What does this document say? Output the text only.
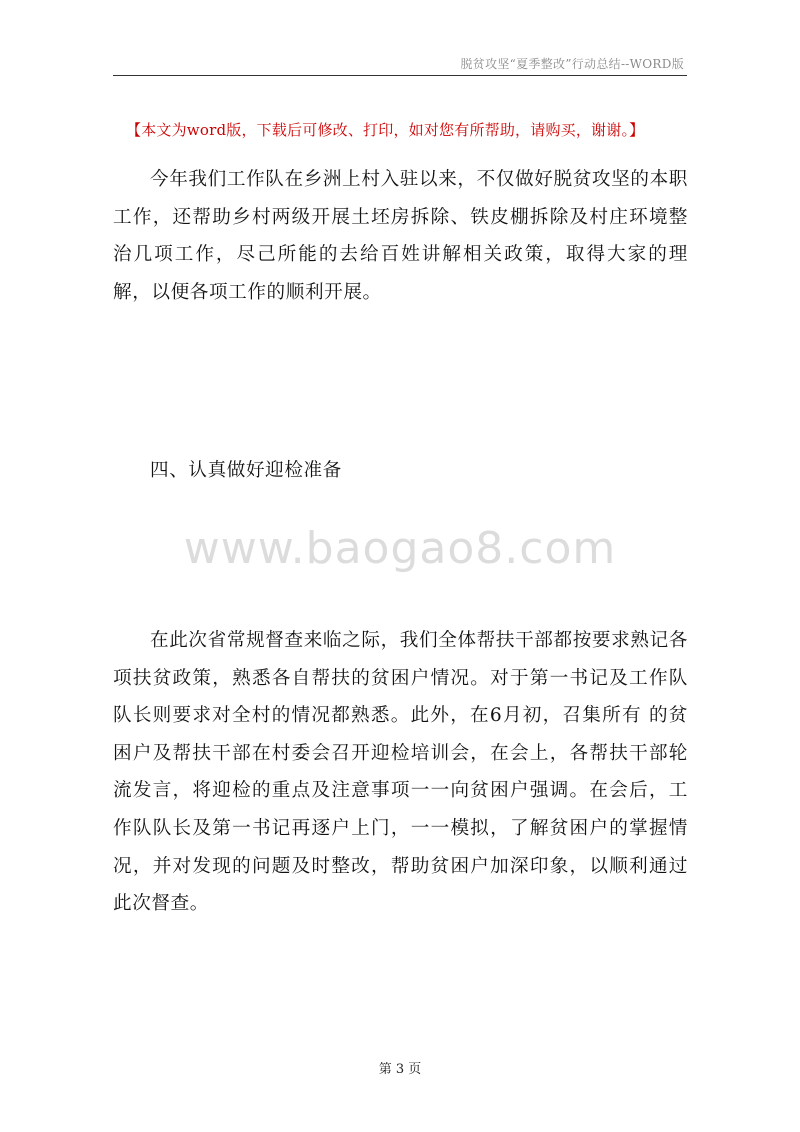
脱贫攻坚“夏季整改”行动总结--WORD版
【本文为word版，下载后可修改、打印，如对您有所帮助，请购买，谢谢。】

今年我们工作队在乡洲上村入驻以来，不仅做好脱贫攻坚的本职工作，还帮助乡村两级开展土坯房拆除、铁皮棚拆除及村庄环境整治几项工作，尽己所能的去给百姓讲解相关政策，取得大家的理解，以便各项工作的顺利开展。

四、认真做好迎检准备
www.baogao8.com

在此次省常规督查来临之际，我们全体帮扶干部都按要求熟记各项扶贫政策，熟悉各自帮扶的贫困户情况。对于第一书记及工作队队长则要求对全村的情况都熟悉。此外，在6月初，召集所有 的贫困户及帮扶干部在村委会召开迎检培训会，在会上，各帮扶干部轮流发言，将迎检的重点及注意事项一一向贫困户强调。在会后，工作队队长及第一书记再逐户上门，一一模拟，了解贫困户的掌握情况，并对发现的问题及时整改，帮助贫困户加深印象，以顺利通过此次督查。

第 3 页
